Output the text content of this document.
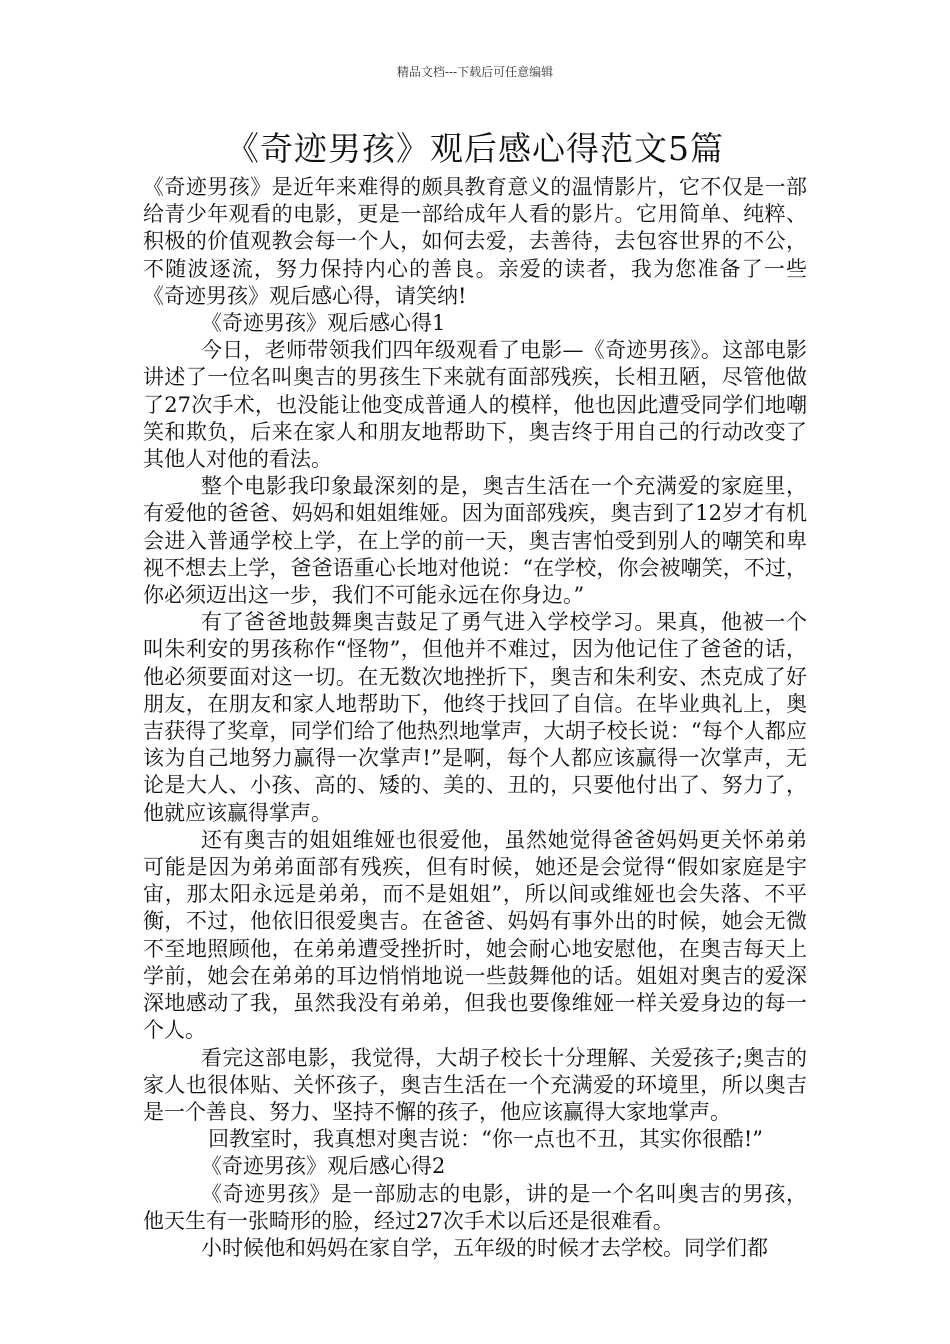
精品文档---下载后可任意编辑
《奇迹男孩》观后感心得范文5篇

《奇迹男孩》是近年来难得的颇具教育意义的温情影片，它不仅是一部给青少年观看的电影，更是一部给成年人看的影片。它用简单、纯粹、积极的价值观教会每一个人，如何去爱，去善待，去包容世界的不公，不随波逐流，努力保持内心的善良。亲爱的读者，我为您准备了一些《奇迹男孩》观后感心得，请笑纳!

《奇迹男孩》观后感心得1

今日，老师带领我们四年级观看了电影—《奇迹男孩》。这部电影讲述了一位名叫奥吉的男孩生下来就有面部残疾，长相丑陋，尽管他做了27次手术，也没能让他变成普通人的模样，他也因此遭受同学们地嘲笑和欺负，后来在家人和朋友地帮助下，奥吉终于用自己的行动改变了其他人对他的看法。

整个电影我印象最深刻的是，奥吉生活在一个充满爱的家庭里，有爱他的爸爸、妈妈和姐姐维娅。因为面部残疾，奥吉到了12岁才有机会进入普通学校上学，在上学的前一天，奥吉害怕受到别人的嘲笑和卑视不想去上学，爸爸语重心长地对他说：“在学校，你会被嘲笑，不过，你必须迈出这一步，我们不可能永远在你身边。”

有了爸爸地鼓舞奥吉鼓足了勇气进入学校学习。果真，他被一个叫朱利安的男孩称作“怪物”，但他并不难过，因为他记住了爸爸的话，他必须要面对这一切。在无数次地挫折下，奥吉和朱利安、杰克成了好朋友，在朋友和家人地帮助下，他终于找回了自信。在毕业典礼上，奥吉获得了奖章，同学们给了他热烈地掌声，大胡子校长说：“每个人都应该为自己地努力赢得一次掌声!”是啊，每个人都应该赢得一次掌声，无论是大人、小孩、高的、矮的、美的、丑的，只要他付出了、努力了，他就应该赢得掌声。

还有奥吉的姐姐维娅也很爱他，虽然她觉得爸爸妈妈更关怀弟弟可能是因为弟弟面部有残疾，但有时候，她还是会觉得“假如家庭是宇宙，那太阳永远是弟弟，而不是姐姐”，所以间或维娅也会失落、不平衡，不过，他依旧很爱奥吉。在爸爸、妈妈有事外出的时候，她会无微不至地照顾他，在弟弟遭受挫折时，她会耐心地安慰他，在奥吉每天上学前，她会在弟弟的耳边悄悄地说一些鼓舞他的话。姐姐对奥吉的爱深深地感动了我，虽然我没有弟弟，但我也要像维娅一样关爱身边的每一个人。

看完这部电影，我觉得，大胡子校长十分理解、关爱孩子;奥吉的家人也很体贴、关怀孩子，奥吉生活在一个充满爱的环境里，所以奥吉是一个善良、努力、坚持不懈的孩子，他应该赢得大家地掌声。

回教室时，我真想对奥吉说：“你一点也不丑，其实你很酷!”

《奇迹男孩》观后感心得2

《奇迹男孩》是一部励志的电影，讲的是一个名叫奥吉的男孩，他天生有一张畸形的脸，经过27次手术以后还是很难看。

小时候他和妈妈在家自学，五年级的时候才去学校。同学们都
